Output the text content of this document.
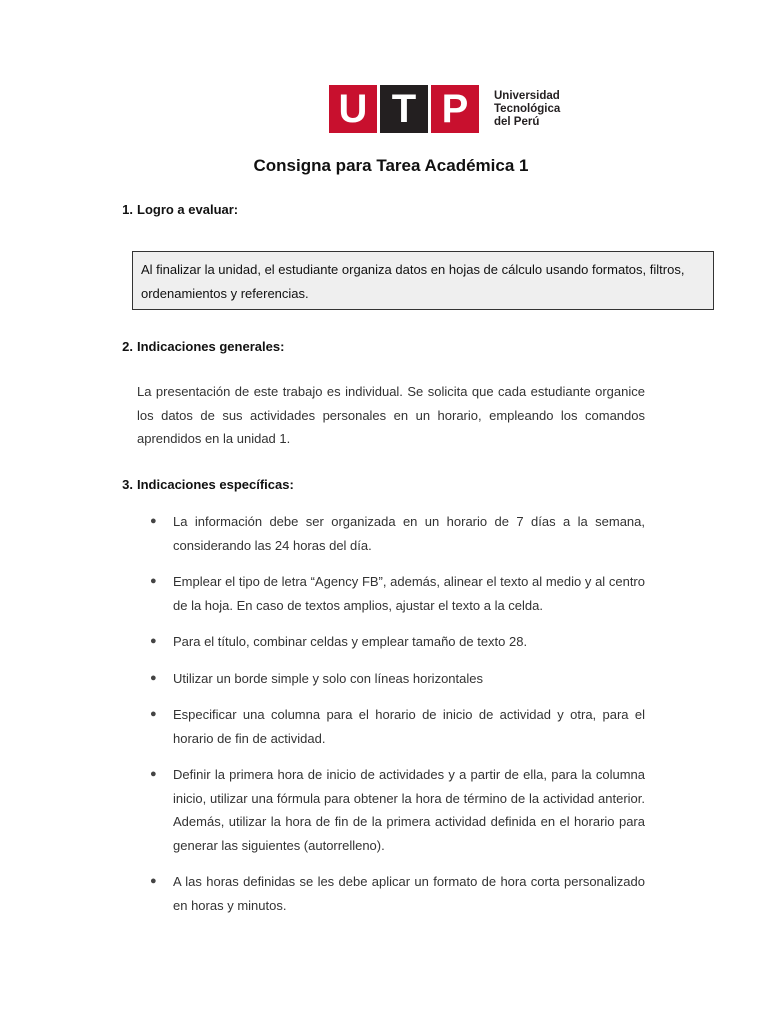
U T P	Universidad
Tecnológica
del Perú
Consigna para Tarea Académica 1
1. Logro a evaluar:
Al finalizar la unidad, el estudiante organiza datos en hojas de cálculo usando formatos, filtros, ordenamientos y referencias.
2. Indicaciones generales:
La presentación de este trabajo es individual. Se solicita que cada estudiante organice los datos de sus actividades personales en un horario, empleando los comandos aprendidos en la unidad 1.
3. Indicaciones específicas:
● La información debe ser organizada en un horario de 7 días a la semana, considerando las 24 horas del día.
● Emplear el tipo de letra “Agency FB”, además, alinear el texto al medio y al centro de la hoja. En caso de textos amplios, ajustar el texto a la celda.
● Para el título, combinar celdas y emplear tamaño de texto 28.
● Utilizar un borde simple y solo con líneas horizontales
● Especificar una columna para el horario de inicio de actividad y otra, para el horario de fin de actividad.
● Definir la primera hora de inicio de actividades y a partir de ella, para la columna inicio, utilizar una fórmula para obtener la hora de término de la actividad anterior. Además, utilizar la hora de fin de la primera actividad definida en el horario para generar las siguientes (autorrelleno).
● A las horas definidas se les debe aplicar un formato de hora corta personalizado en horas y minutos.
